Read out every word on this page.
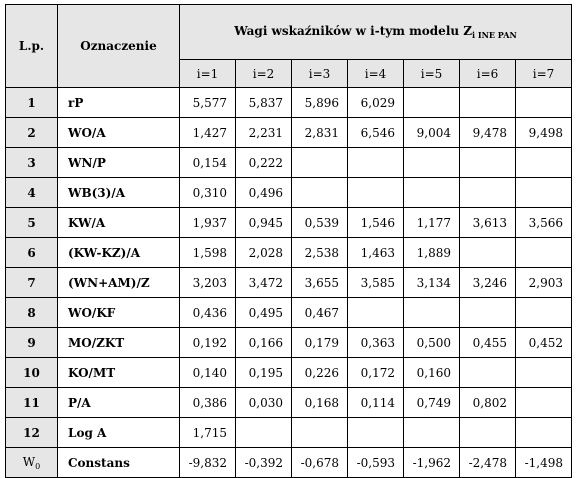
L.p.	Oznaczenie	Wagi wskaźników w i-tym modelu $Z_{i INE PAN}$
		i=1	i=2	i=3	i=4	i=5	i=6	i=7
1	rP	5,577	5,837	5,896	6,029			
2	WO/A	1,427	2,231	2,831	6,546	9,004	9,478	9,498
3	WN/P	0,154	0,222					
4	WB(3)/A	0,310	0,496					
5	KW/A	1,937	0,945	0,539	1,546	1,177	3,613	3,566
6	(KW-KZ)/A	1,598	2,028	2,538	1,463	1,889		
7	(WN+AM)/Z	3,203	3,472	3,655	3,585	3,134	3,246	2,903
8	WO/KF	0,436	0,495	0,467				
9	MO/ZKT	0,192	0,166	0,179	0,363	0,500	0,455	0,452
10	KO/MT	0,140	0,195	0,226	0,172	0,160		
11	P/A	0,386	0,030	0,168	0,114	0,749	0,802	
12	Log A	1,715						
$W_0$	Constans	-9,832	-0,392	-0,678	-0,593	-1,962	-2,478	-1,498
